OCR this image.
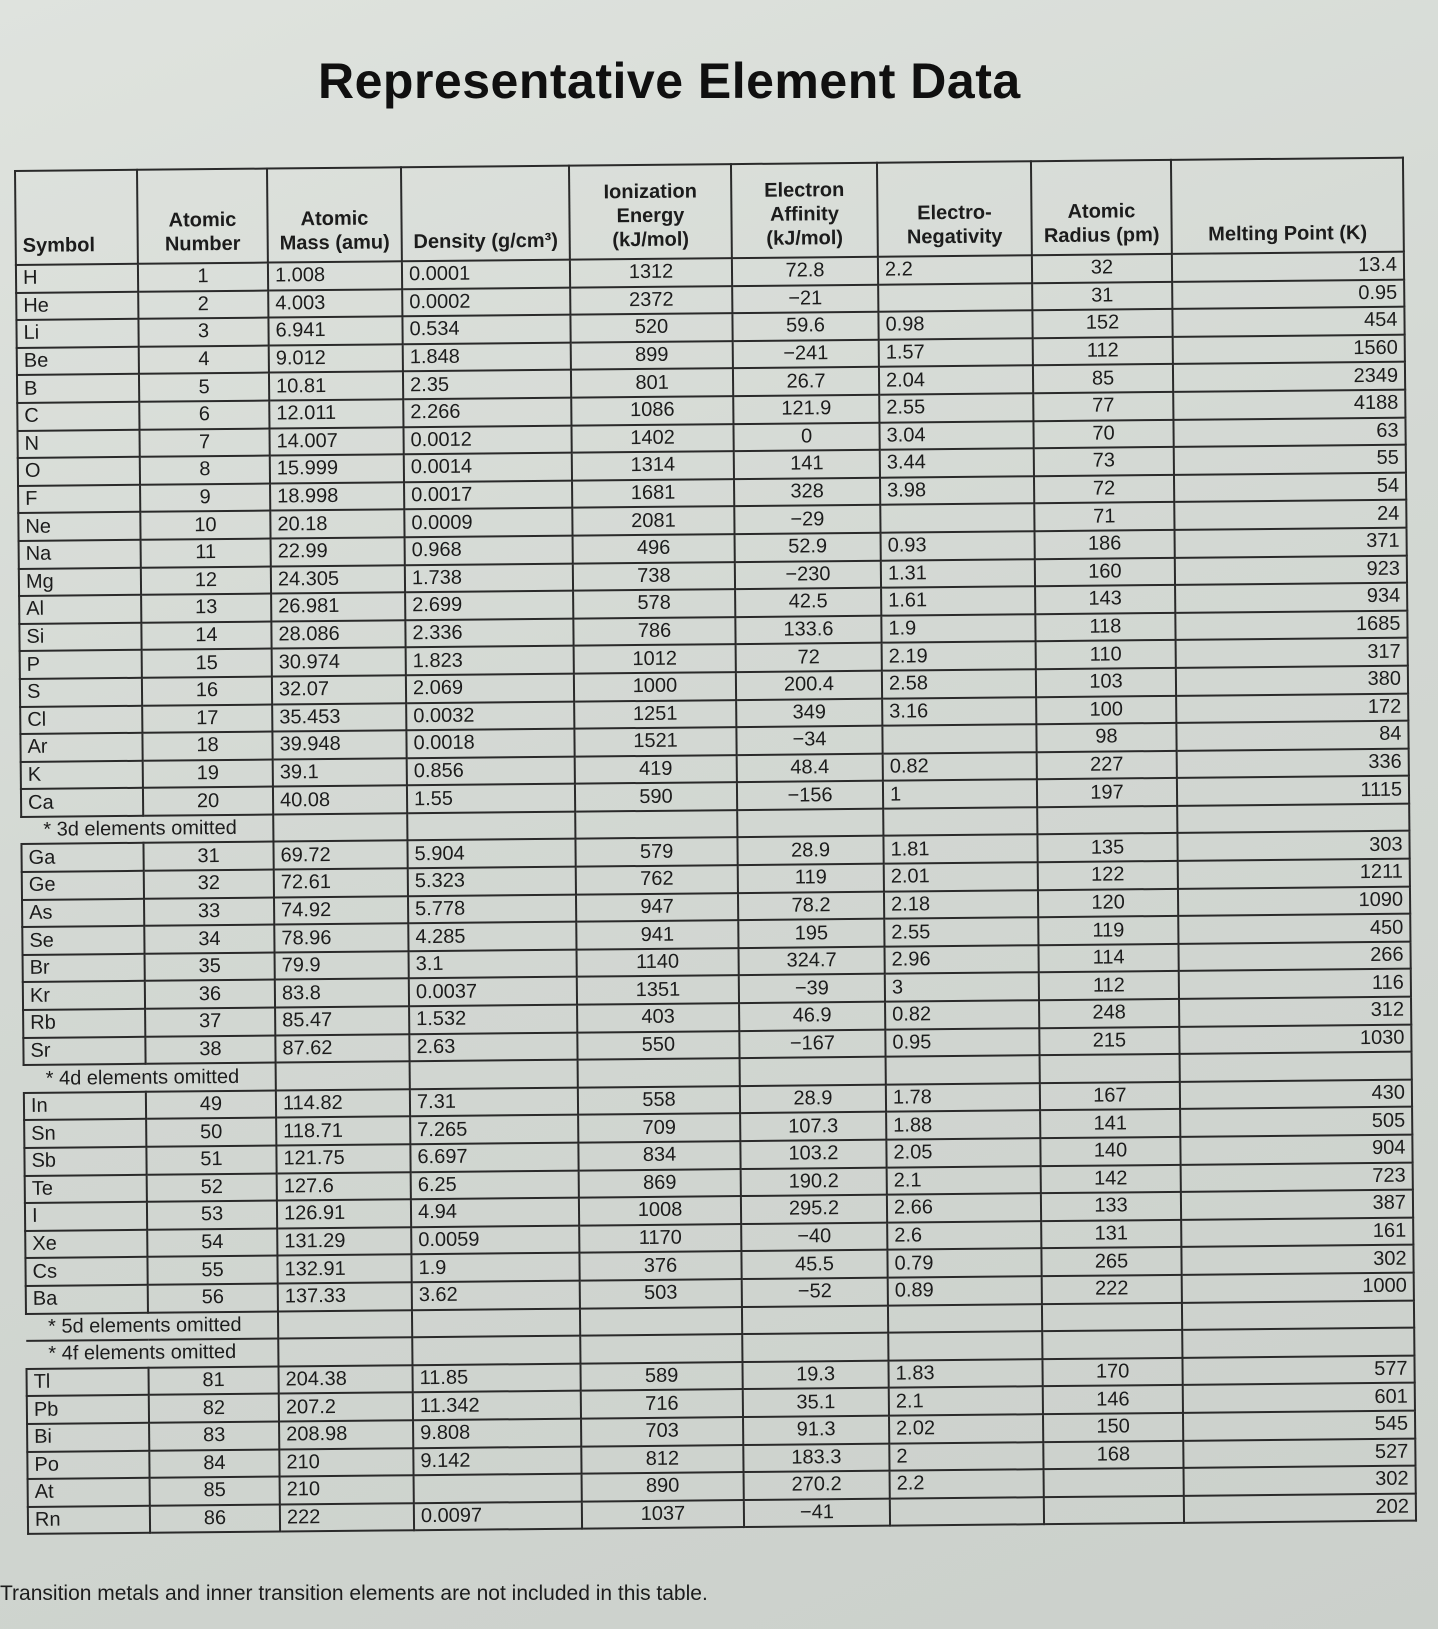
Representative Element Data
Symbol	Atomic Number	Atomic Mass (amu)	Density (g/cm³)	Ionization Energy (kJ/mol)	Electron Affinity (kJ/mol)	Electro-Negativity	Atomic Radius (pm)	Melting Point (K)
H	1	1.008	0.0001	1312	72.8	2.2	32	13.4
He	2	4.003	0.0002	2372	−21		31	0.95
Li	3	6.941	0.534	520	59.6	0.98	152	454
Be	4	9.012	1.848	899	−241	1.57	112	1560
B	5	10.81	2.35	801	26.7	2.04	85	2349
C	6	12.011	2.266	1086	121.9	2.55	77	4188
N	7	14.007	0.0012	1402	0	3.04	70	63
O	8	15.999	0.0014	1314	141	3.44	73	55
F	9	18.998	0.0017	1681	328	3.98	72	54
Ne	10	20.18	0.0009	2081	−29		71	24
Na	11	22.99	0.968	496	52.9	0.93	186	371
Mg	12	24.305	1.738	738	−230	1.31	160	923
Al	13	26.981	2.699	578	42.5	1.61	143	934
Si	14	28.086	2.336	786	133.6	1.9	118	1685
P	15	30.974	1.823	1012	72	2.19	110	317
S	16	32.07	2.069	1000	200.4	2.58	103	380
Cl	17	35.453	0.0032	1251	349	3.16	100	172
Ar	18	39.948	0.0018	1521	−34		98	84
K	19	39.1	0.856	419	48.4	0.82	227	336
Ca	20	40.08	1.55	590	−156	1	197	1115
* 3d elements omitted								
Ga	31	69.72	5.904	579	28.9	1.81	135	303
Ge	32	72.61	5.323	762	119	2.01	122	1211
As	33	74.92	5.778	947	78.2	2.18	120	1090
Se	34	78.96	4.285	941	195	2.55	119	450
Br	35	79.9	3.1	1140	324.7	2.96	114	266
Kr	36	83.8	0.0037	1351	−39	3	112	116
Rb	37	85.47	1.532	403	46.9	0.82	248	312
Sr	38	87.62	2.63	550	−167	0.95	215	1030
* 4d elements omitted								
In	49	114.82	7.31	558	28.9	1.78	167	430
Sn	50	118.71	7.265	709	107.3	1.88	141	505
Sb	51	121.75	6.697	834	103.2	2.05	140	904
Te	52	127.6	6.25	869	190.2	2.1	142	723
I	53	126.91	4.94	1008	295.2	2.66	133	387
Xe	54	131.29	0.0059	1170	−40	2.6	131	161
Cs	55	132.91	1.9	376	45.5	0.79	265	302
Ba	56	137.33	3.62	503	−52	0.89	222	1000
* 5d elements omitted								
* 4f elements omitted								
Tl	81	204.38	11.85	589	19.3	1.83	170	577
Pb	82	207.2	11.342	716	35.1	2.1	146	601
Bi	83	208.98	9.808	703	91.3	2.02	150	545
Po	84	210	9.142	812	183.3	2	168	527
At	85	210		890	270.2	2.2		302
Rn	86	222	0.0097	1037	−41			202
Transition metals and inner transition elements are not included in this table.
